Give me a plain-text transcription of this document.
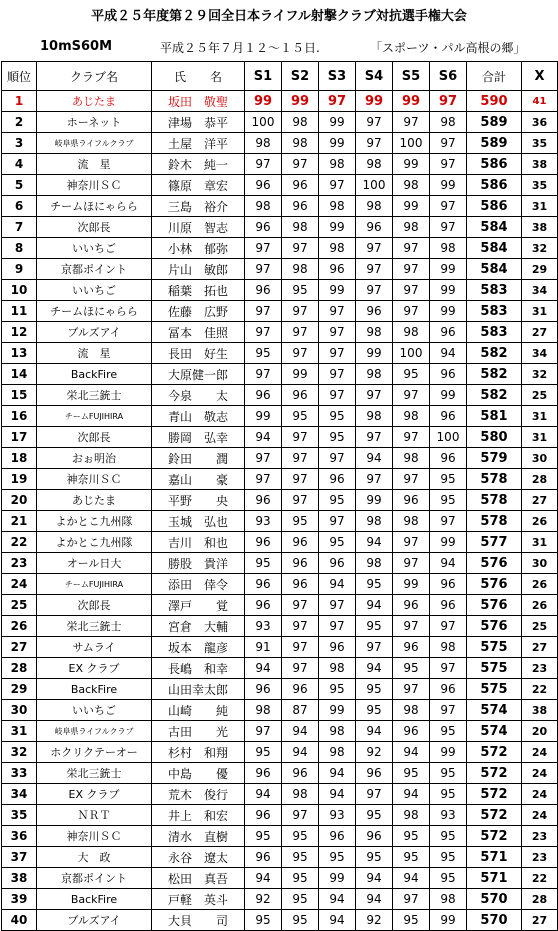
平成２５年度第２９回全日本ライフル射撃クラブ対抗選手権大会
10mS60M	平成２５年７月１２～１５日.	「スポーツ・パル高根の郷」
順位	クラブ名	氏　　名	S1	S2	S3	S4	S5	S6	合計	X
1	あじたま	坂田　敬聖	99	99	97	99	99	97	590	41
2	ホーネット	津場　恭平	100	98	99	97	97	98	589	36
3	岐阜県ライフルクラブ	土屋　洋平	98	98	99	97	100	97	589	35
4	流　星	鈴木　純一	97	97	98	98	99	97	586	38
5	神奈川ＳＣ	篠原　章宏	96	96	97	100	98	99	586	35
6	チームほにゃらら	三島　裕介	98	96	98	98	99	97	586	31
7	次郎長	川原　智志	96	98	99	96	98	97	584	38
8	いいちご	小林　郁弥	97	97	98	97	97	98	584	32
9	京都ポイント	片山　敏郎	97	98	96	97	97	99	584	29
10	いいちご	稲葉　拓也	96	95	99	97	97	99	583	34
11	チームほにゃらら	佐藤　広野	97	97	97	96	97	99	583	31
12	ブルズアイ	冨本　佳照	97	97	97	98	98	96	583	27
13	流　星	長田　好生	95	97	97	99	100	94	582	34
14	BackFire	大原健一郎	97	99	97	98	95	96	582	32
15	栄北三銃士	今泉　　太	96	96	97	97	97	99	582	25
16	チームFUJIHIRA	青山　敬志	99	95	95	98	98	96	581	31
17	次郎長	勝岡　弘幸	94	97	95	97	97	100	580	31
18	おぉ明治	鈴田　　潤	97	97	97	94	98	96	579	30
19	神奈川ＳＣ	嘉山　　豪	97	97	96	97	97	95	578	28
20	あじたま	平野　　央	96	97	95	99	96	95	578	27
21	よかとこ九州隊	玉城　弘也	93	95	97	98	98	97	578	26
22	よかとこ九州隊	吉川　和也	96	96	95	94	97	99	577	31
23	オール日大	勝股　貴洋	95	96	96	98	97	94	576	30
24	チームFUJIHIRA	添田　倖令	96	96	94	95	99	96	576	26
25	次郎長	澤戸　　覚	96	97	97	94	96	96	576	26
26	栄北三銃士	宮倉　大輔	93	97	97	95	97	97	576	25
27	サムライ	坂本　龍彦	91	97	96	97	96	98	575	27
28	EX クラブ	長嶋　和幸	94	97	98	94	95	97	575	23
29	BackFire	山田幸太郎	96	96	95	95	97	96	575	22
30	いいちご	山崎　　純	98	87	99	95	98	97	574	38
31	岐阜県ライフルクラブ	古田　　光	97	94	98	94	96	95	574	20
32	ホクリクテーオー	杉村　和翔	95	94	98	92	94	99	572	24
33	栄北三銃士	中島　　優	96	96	94	96	95	95	572	24
34	EX クラブ	荒木　俊行	94	98	94	97	94	95	572	24
35	ＮＲＴ	井上　和宏	96	97	93	95	98	93	572	24
36	神奈川ＳＣ	清水　直樹	95	95	96	96	95	95	572	23
37	大　政	永谷　遼太	96	95	95	95	95	95	571	23
38	京都ポイント	松田　真吾	94	95	99	94	94	95	571	22
39	BackFire	戸軽　英斗	92	95	94	94	97	98	570	28
40	ブルズアイ	大貝　　司	95	95	94	92	95	99	570	27
